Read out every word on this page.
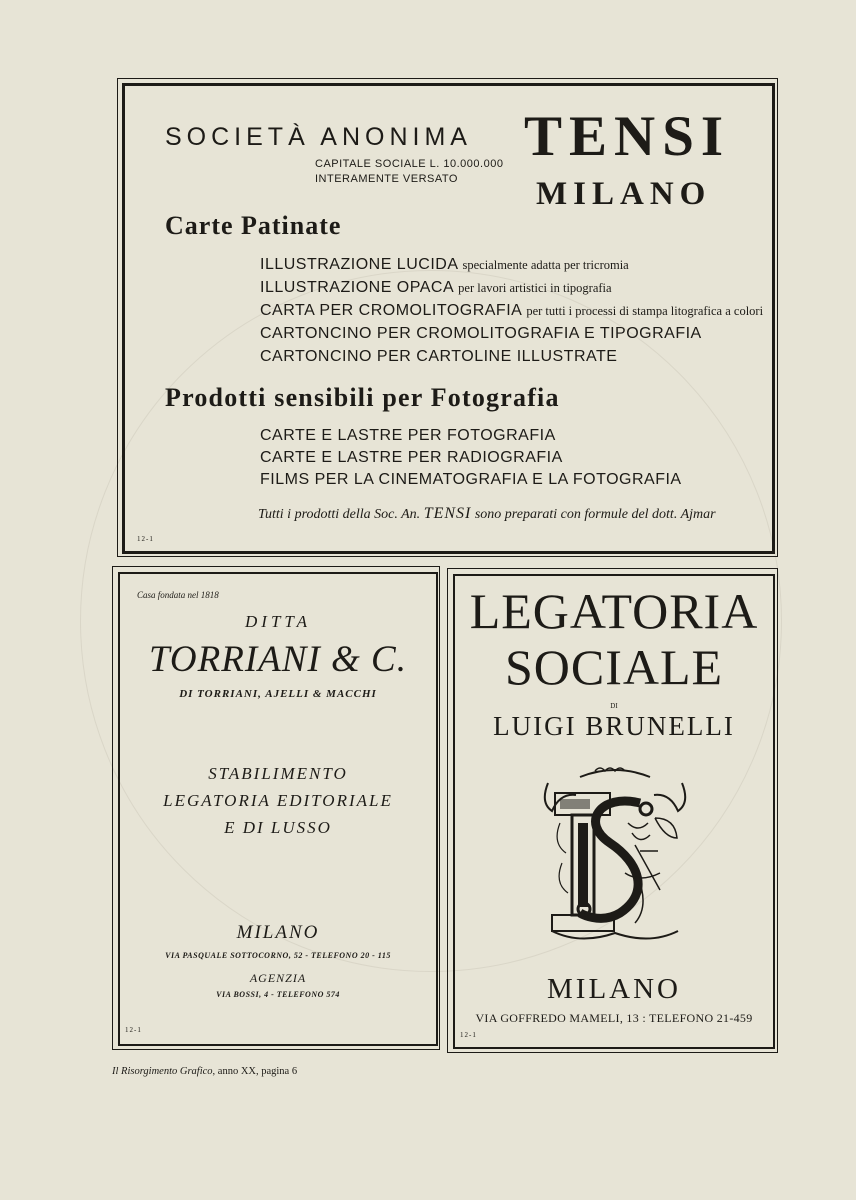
SOCIETÀ ANONIMA TENSI
CAPITALE SOCIALE L. 10.000.000
INTERAMENTE VERSATO MILANO
Carte Patinate
ILLUSTRAZIONE LUCIDA specialmente adatta per tricromia
ILLUSTRAZIONE OPACA per lavori artistici in tipografia
CARTA PER CROMOLITOGRAFIA per tutti i processi di stampa litografica a colori
CARTONCINO PER CROMOLITOGRAFIA E TIPOGRAFIA
CARTONCINO PER CARTOLINE ILLUSTRATE
Prodotti sensibili per Fotografia
CARTE E LASTRE PER FOTOGRAFIA
CARTE E LASTRE PER RADIOGRAFIA
FILMS PER LA CINEMATOGRAFIA E LA FOTOGRAFIA
Tutti i prodotti della Soc. An. TENSI sono preparati con formule del dott. Ajmar
12-1
Casa fondata nel 1818
DITTA
TORRIANI & C.
DI TORRIANI, AJELLI & MACCHI
STABILIMENTO
LEGATORIA EDITORIALE
E DI LUSSO
MILANO
VIA PASQUALE SOTTOCORNO, 52 - TELEFONO 20 - 115
AGENZIA
VIA BOSSI, 4 - TELEFONO 574
12-1
LEGATORIA
SOCIALE
DI
LUIGI BRUNELLI
MILANO
VIA GOFFREDO MAMELI, 13 : TELEFONO 21-459
12-1
Il Risorgimento Grafico, anno XX, pagina 6
